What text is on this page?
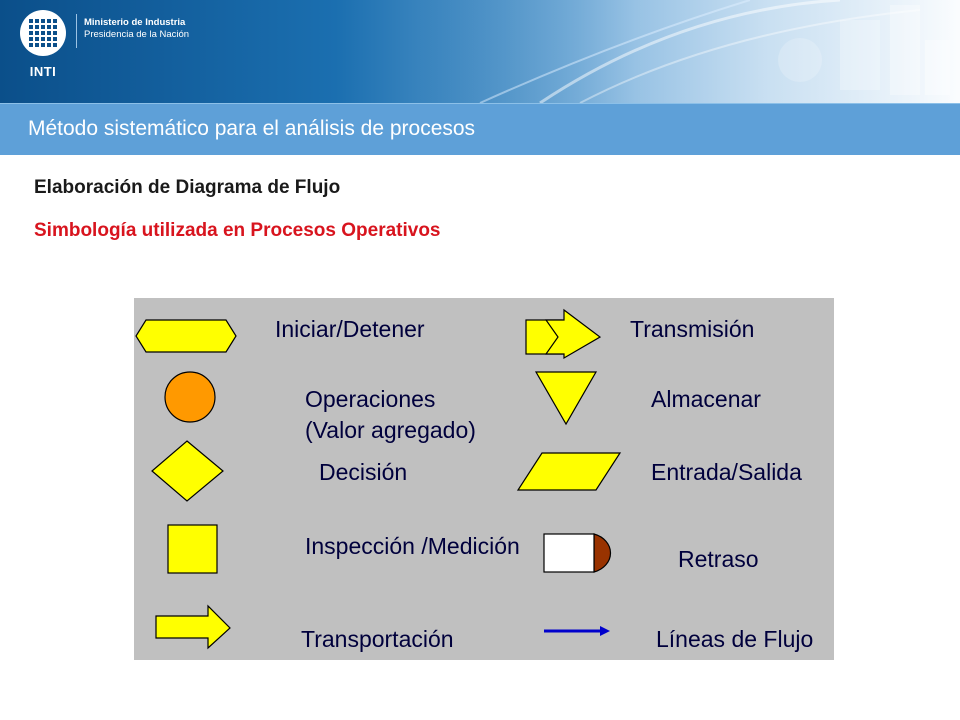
INTI
Ministerio de Industria
Presidencia de la Nación
Método sistemático para el análisis de procesos
Elaboración de Diagrama de Flujo
Simbología utilizada en Procesos Operativos
Iniciar/Detener
Operaciones
(Valor agregado)
Decisión
Inspección /Medición
Transportación
Transmisión
Almacenar
Entrada/Salida
Retraso
Líneas de Flujo
